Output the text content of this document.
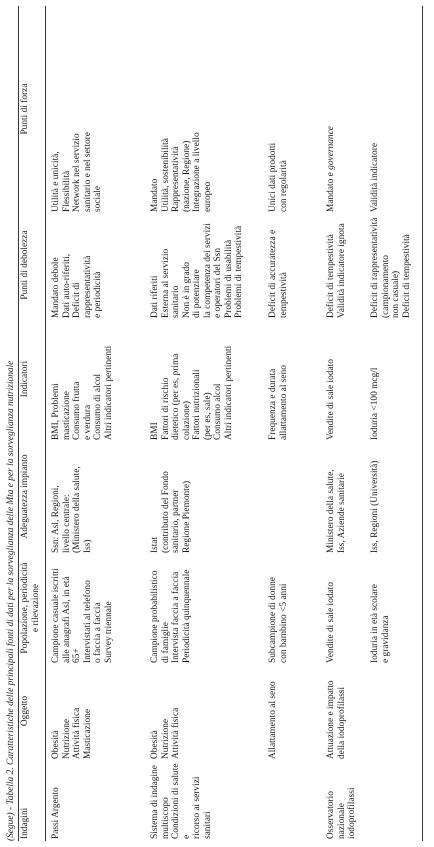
(Segue) - Tabella 2. Caratteristiche delle principali fonti di dati per la sorveglianza delle Mta e per la sorveglianza nutrizionale
Indagini
Oggetto
Popolazione, periodicità
e rilevazione
Adeguatezza impianto
Indicatori
Punti di debolezza
Punti di forza
Passi Argento
Obesità
Nutrizione
Attività fisica
Masticazione
Campione casuale iscritti
alle anagrafi Asl, in età
65+
Intervistati al telefono
o faccia a faccia
Survey triennale
Ssn: Asl, Regioni,
livello centrale:
(Ministero della salute,
Iss)
BMI, Problemi
masticazione
Consumo frutta
e verdura
Consumo di alcol
Altri indicatori pertinenti
Mandato debole
Dati auto-riferiti,
Deficit di
rappresentatività
e periodicità
Utilità e unicità,
Flessibilità
Network nel servizio
sanitario e nel settore
sociale
Sistema di indagine
multiscopo
Condizioni di salute e
ricorso ai servizi sanitari
Obesità
Nutrizione
Attività fisica
Campione probabilistico
di famiglie
Intervista faccia a faccia
Periodicità quinquennale
Istat
(contributo del Fondo
sanitario, partner
Regione Piemonte)
BMI
Fattori di rischio
dietetico (per es, prima
colazione)
Fattori nutrizionali
(per es, sale)
Consumo alcol
Altri indicatori pertinenti
Dati riferiti
Esterna al servizio
sanitario
Non è in grado
di potenziare
la competenza dei servizi
e operatori del Ssn
Problemi di usabilità
Problemi di tempestività
Mandato
Utilità, sostenibilità
Rappresentatività
(nazione, Regione)
Integrazione a livello
europeo
Allattamento al seno
Subcampione di donne
con bambino <5 anni
Frequenza e durata
allattamento al seno
Deficit di accuratezza e
tempestività
Unici dati prodotti
con regolarità
Osservatorio nazionale
iodoprofilassi
Attuazione e impatto
della iodoprofilassi
Vendite di sale iodato
Ministero della salute,
Iss, Aziende sanitarie
Vendite di sale iodato
Deficit di tempestività
Validità indicatore ignota
Mandato e governance
Ioduria in età scolare
e gravidanza
Iss, Regioni (Università)
Ioduria <100 mcg/l
Deficit di rappresentatività
(campionamento
non casuale)
Deficit di tempestività
Validità indicatore
